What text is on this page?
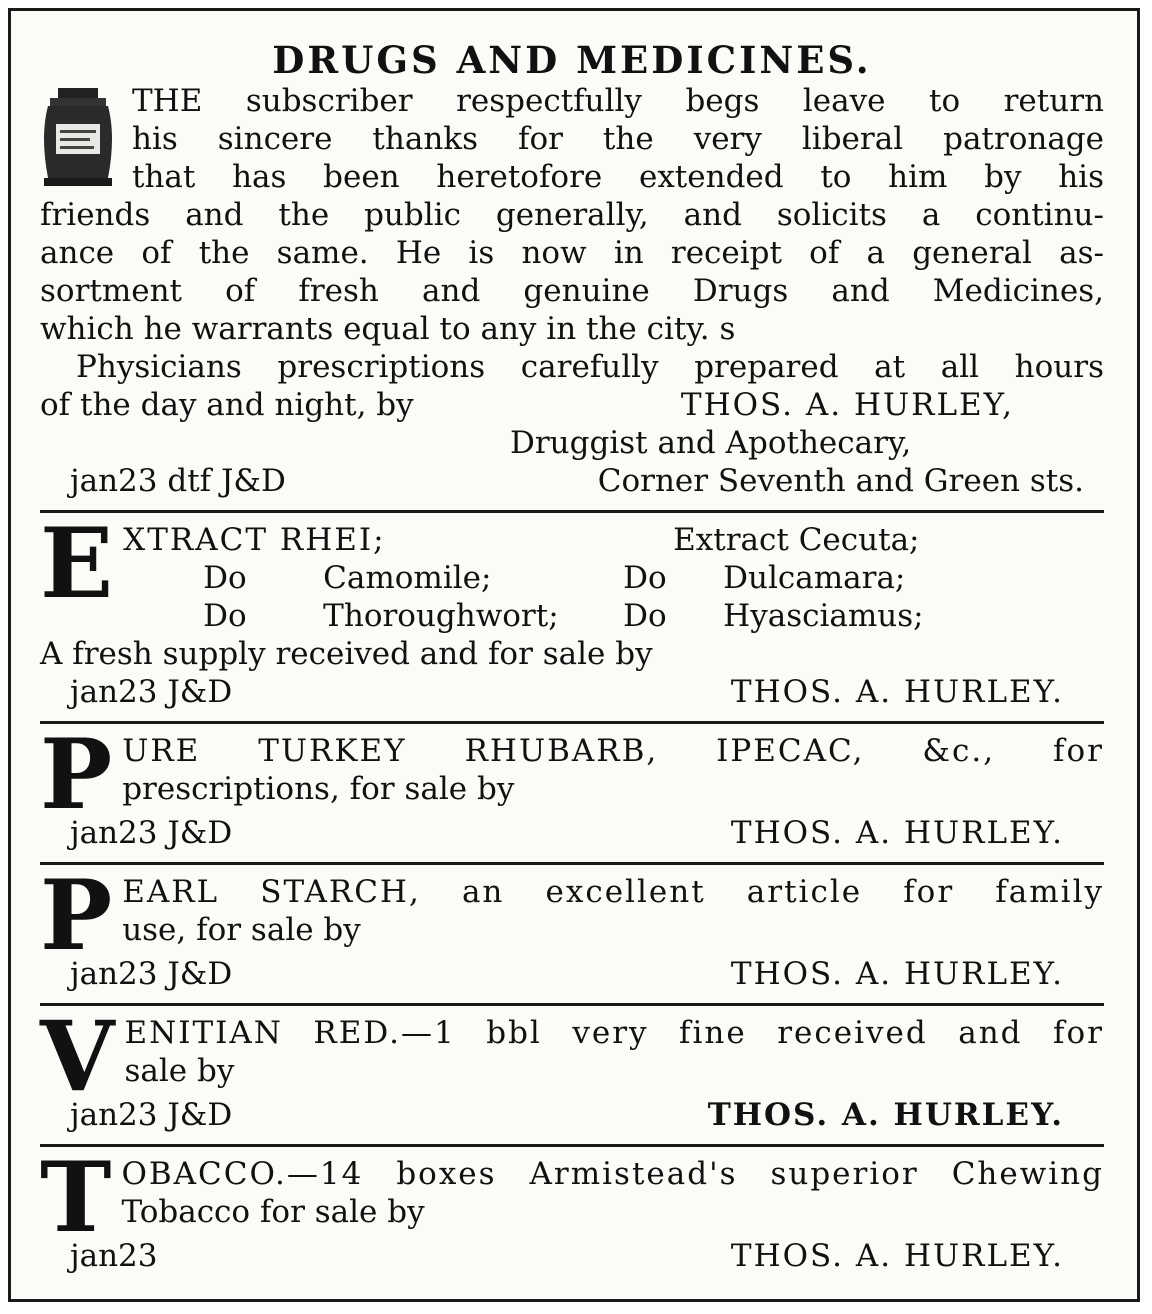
DRUGS AND MEDICINES.
THE subscriber respectfully begs leave to return
his sincere thanks for the very liberal patronage
that has been heretofore extended to him by his
friends and the public generally, and solicits a continu-
ance of the same. He is now in receipt of a general as-
sortment of fresh and genuine Drugs and Medicines,
which he warrants equal to any in the city. s
Physicians prescriptions carefully prepared at all hours
of the day and night, by	THOS. A. HURLEY,
Druggist and Apothecary,
jan23 dtf J&D	Corner Seventh and Green sts.
E XTRACT RHEI;	Extract Cecuta;
Do	Camomile;	Do	Dulcamara;
Do	Thoroughwort;	Do	Hyasciamus;
A fresh supply received and for sale by
jan23 J&D	THOS. A. HURLEY.
P URE TURKEY RHUBARB, IPECAC, &c., for
prescriptions, for sale by
jan23 J&D	THOS. A. HURLEY.
P EARL STARCH, an excellent article for family
use, for sale by
jan23 J&D	THOS. A. HURLEY.
V ENITIAN RED.—1 bbl very fine received and for
sale by
jan23 J&D	THOS. A. HURLEY.
T OBACCO.—14 boxes Armistead's superior Chewing
Tobacco for sale by
jan23	THOS. A. HURLEY.
